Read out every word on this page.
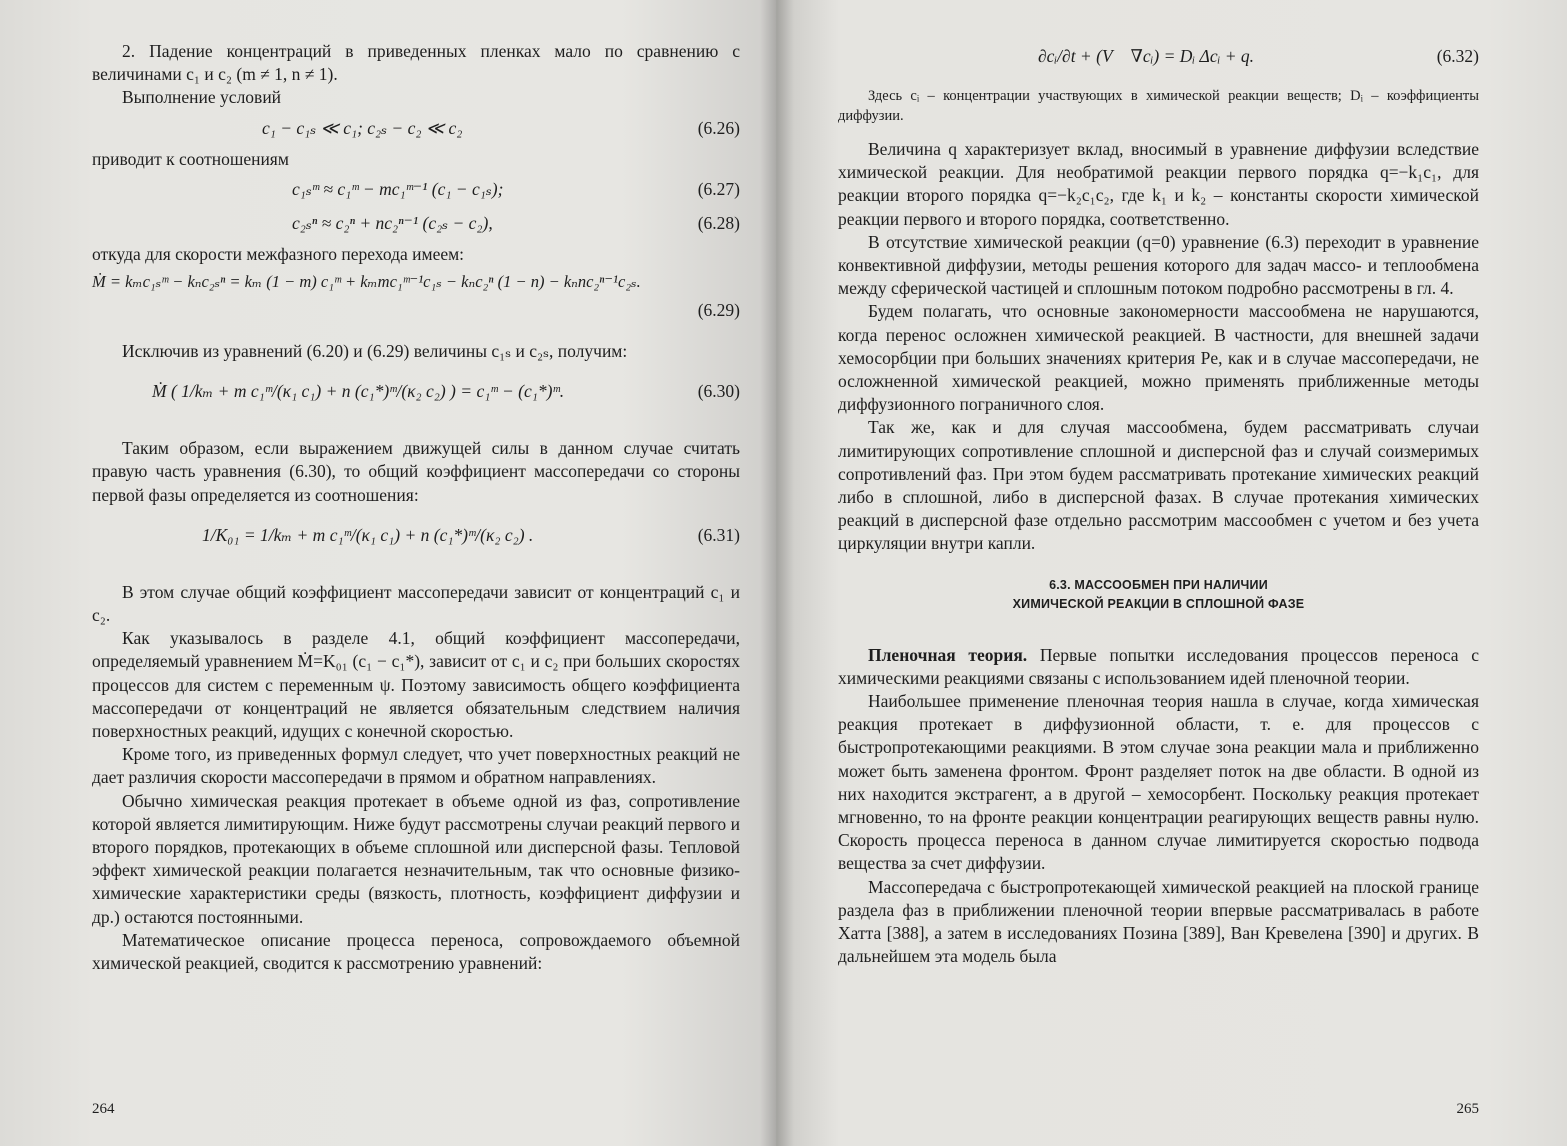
2. Падение концентраций в приведенных пленках мало по сравнению с величинами c₁ и c₂ (m ≠ 1, n ≠ 1).

Выполнение условий

c₁ − c₁ₛ ≪ c₁; c₂ₛ − c₂ ≪ c₂	(6.26)

приводит к соотношениям

c₁ₛᵐ ≈ c₁ᵐ − mc₁ᵐ⁻¹ (c₁ − c₁ₛ);	(6.27)
c₂ₛⁿ ≈ c₂ⁿ + nc₂ⁿ⁻¹ (c₂ₛ − c₂),	(6.28)

откуда для скорости межфазного перехода имеем:

Ṁ = kₘc₁ₛᵐ − kₙc₂ₛⁿ = kₘ (1 − m) c₁ᵐ + kₘmc₁ᵐ⁻¹c₁ₛ − kₙc₂ⁿ (1 − n) − kₙnc₂ⁿ⁻¹c₂ₛ.
(6.29)

Исключив из уравнений (6.20) и (6.29) величины c₁ₛ и c₂ₛ, получим:

Ṁ ( 1/kₘ + m c₁ᵐ/(κ₁ c₁) + n (c₁*)ᵐ/(κ₂ c₂) ) = c₁ᵐ − (c₁*)ᵐ.	(6.30)

Таким образом, если выражением движущей силы в данном случае считать правую часть уравнения (6.30), то общий коэффициент массопередачи со стороны первой фазы определяется из соотношения:

1/K₀₁ = 1/kₘ + m c₁ᵐ/(κ₁ c₁) + n (c₁*)ᵐ/(κ₂ c₂) .	(6.31)

В этом случае общий коэффициент массопередачи зависит от концентраций c₁ и c₂.

Как указывалось в разделе 4.1, общий коэффициент массопередачи, определяемый уравнением Ṁ=K₀₁ (c₁ − c₁*), зависит от c₁ и c₂ при больших скоростях процессов для систем с переменным ψ. Поэтому зависимость общего коэффициента массопередачи от концентраций не является обязательным следствием наличия поверхностных реакций, идущих с конечной скоростью.

Кроме того, из приведенных формул следует, что учет поверхностных реакций не дает различия скорости массопередачи в прямом и обратном направлениях.

Обычно химическая реакция протекает в объеме одной из фаз, сопротивление которой является лимитирующим. Ниже будут рассмотрены случаи реакций первого и второго порядков, протекающих в объеме сплошной или дисперсной фазы. Тепловой эффект химической реакции полагается незначительным, так что основные физико-химические характеристики среды (вязкость, плотность, коэффициент диффузии и др.) остаются постоянными.

Математическое описание процесса переноса, сопровождаемого объемной химической реакцией, сводится к рассмотрению уравнений:

264
∂cᵢ/∂t + (V⃗ ∇cᵢ) = Dᵢ Δcᵢ + q.	(6.32)

Здесь cᵢ – концентрации участвующих в химической реакции веществ; Dᵢ – коэффициенты диффузии.

Величина q характеризует вклад, вносимый в уравнение диффузии вследствие химической реакции. Для необратимой реакции первого порядка q=−k₁c₁, для реакции второго порядка q=−k₂c₁c₂, где k₁ и k₂ – константы скорости химической реакции первого и второго порядка, соответственно.

В отсутствие химической реакции (q=0) уравнение (6.3) переходит в уравнение конвективной диффузии, методы решения которого для задач массо- и теплообмена между сферической частицей и сплошным потоком подробно рассмотрены в гл. 4.

Будем полагать, что основные закономерности массообмена не нарушаются, когда перенос осложнен химической реакцией. В частности, для внешней задачи хемосорбции при больших значениях критерия Pe, как и в случае массопередачи, не осложненной химической реакцией, можно применять приближенные методы диффузионного пограничного слоя.

Так же, как и для случая массообмена, будем рассматривать случаи лимитирующих сопротивление сплошной и дисперсной фаз и случай соизмеримых сопротивлений фаз. При этом будем рассматривать протекание химических реакций либо в сплошной, либо в дисперсной фазах. В случае протекания химических реакций в дисперсной фазе отдельно рассмотрим массообмен с учетом и без учета циркуляции внутри капли.

6.3. МАССООБМЕН ПРИ НАЛИЧИИ
ХИМИЧЕСКОЙ РЕАКЦИИ В СПЛОШНОЙ ФАЗЕ

Пленочная теория. Первые попытки исследования процессов переноса с химическими реакциями связаны с использованием идей пленочной теории.

Наибольшее применение пленочная теория нашла в случае, когда химическая реакция протекает в диффузионной области, т. е. для процессов с быстропротекающими реакциями. В этом случае зона реакции мала и приближенно может быть заменена фронтом. Фронт разделяет поток на две области. В одной из них находится экстрагент, а в другой – хемосорбент. Поскольку реакция протекает мгновенно, то на фронте реакции концентрации реагирующих веществ равны нулю. Скорость процесса переноса в данном случае лимитируется скоростью подвода вещества за счет диффузии.

Массопередача с быстропротекающей химической реакцией на плоской границе раздела фаз в приближении пленочной теории впервые рассматривалась в работе Хатта [388], а затем в исследованиях Позина [389], Ван Кревелена [390] и других. В дальнейшем эта модель была

265
